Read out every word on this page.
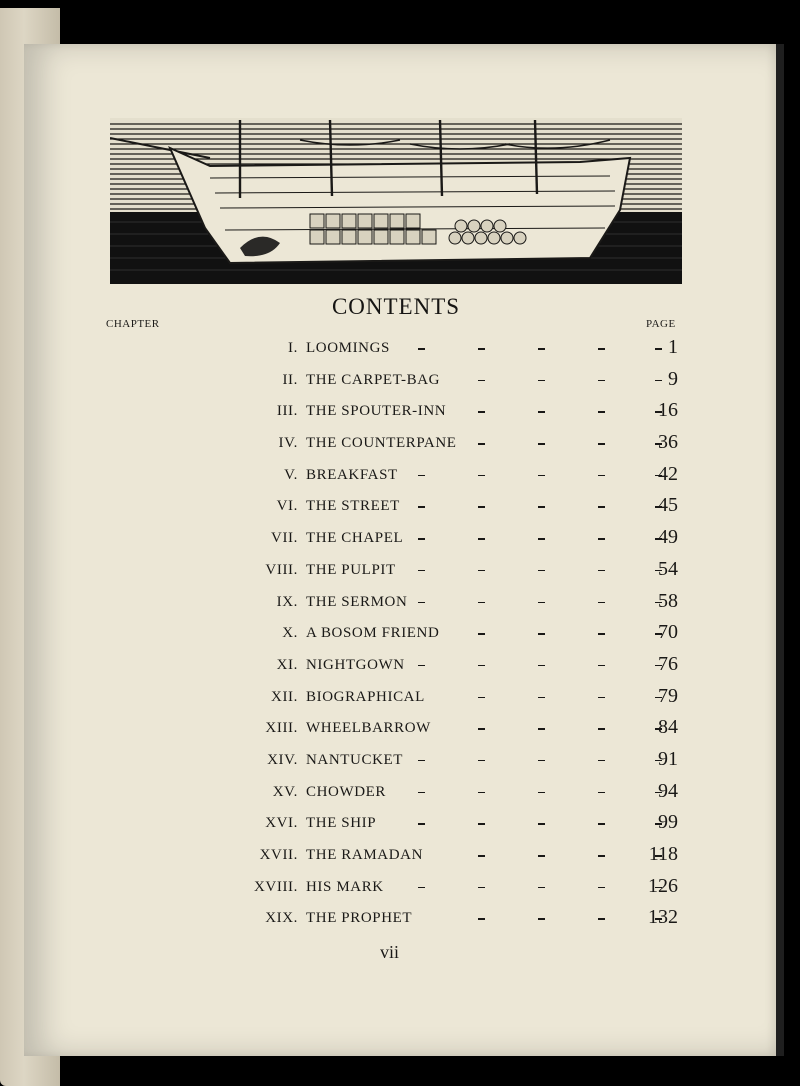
CONTENTS
CHAPTER	PAGE
I. LOOMINGS	1
II. THE CARPET-BAG	9
III. THE SPOUTER-INN	16
IV. THE COUNTERPANE	36
V. BREAKFAST	42
VI. THE STREET	45
VII. THE CHAPEL	49
VIII. THE PULPIT	54
IX. THE SERMON	58
X. A BOSOM FRIEND	70
XI. NIGHTGOWN	76
XII. BIOGRAPHICAL	79
XIII. WHEELBARROW	84
XIV. NANTUCKET	91
XV. CHOWDER	94
XVI. THE SHIP	99
XVII. THE RAMADAN	118
XVIII. HIS MARK	126
XIX. THE PROPHET	132
vii
